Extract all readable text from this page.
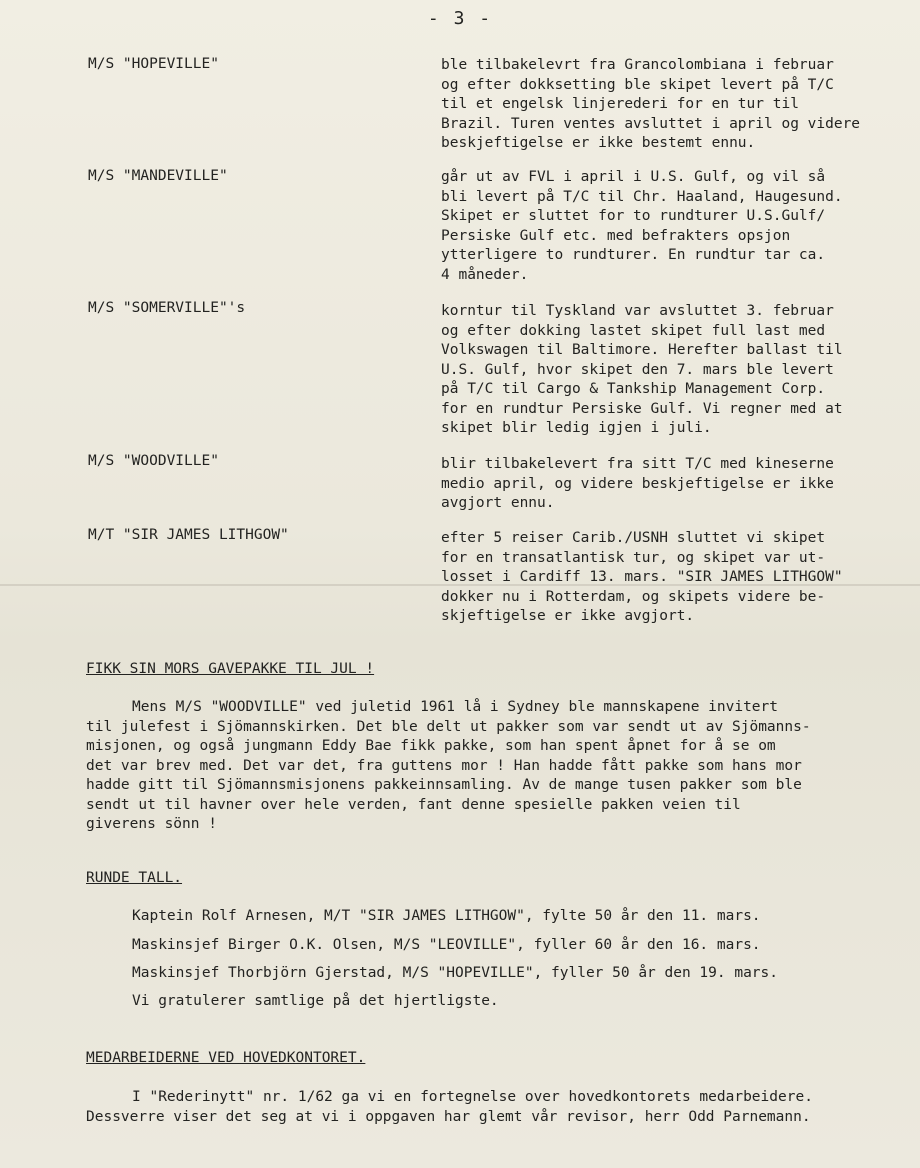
- 3 -
M/S "HOPEVILLE"	ble tilbakelevrt fra Grancolombiana i februar
og efter dokksetting ble skipet levert på T/C
til et engelsk linjerederi for en tur til
Brazil. Turen ventes avsluttet i april og videre
beskjeftigelse er ikke bestemt ennu.
M/S "MANDEVILLE"	går ut av FVL i april i U.S. Gulf, og vil så
bli levert på T/C til Chr. Haaland, Haugesund.
Skipet er sluttet for to rundturer U.S.Gulf/
Persiske Gulf etc. med befrakters opsjon
ytterligere to rundturer. En rundtur tar ca.
4 måneder.
M/S "SOMERVILLE"'s	korntur til Tyskland var avsluttet 3. februar
og efter dokking lastet skipet full last med
Volkswagen til Baltimore. Herefter ballast til
U.S. Gulf, hvor skipet den 7. mars ble levert
på T/C til Cargo & Tankship Management Corp.
for en rundtur Persiske Gulf. Vi regner med at
skipet blir ledig igjen i juli.
M/S "WOODVILLE"	blir tilbakelevert fra sitt T/C med kineserne
medio april, og videre beskjeftigelse er ikke
avgjort ennu.
M/T "SIR JAMES LITHGOW"	efter 5 reiser Carib./USNH sluttet vi skipet
for en transatlantisk tur, og skipet var ut-
losset i Cardiff 13. mars. "SIR JAMES LITHGOW"
dokker nu i Rotterdam, og skipets videre be-
skjeftigelse er ikke avgjort.
FIKK SIN MORS GAVEPAKKE TIL JUL !
Mens M/S "WOODVILLE" ved juletid 1961 lå i Sydney ble mannskapene invitert
til julefest i Sjömannskirken. Det ble delt ut pakker som var sendt ut av Sjömanns-
misjonen, og også jungmann Eddy Bae fikk pakke, som han spent åpnet for å se om
det var brev med. Det var det, fra guttens mor ! Han hadde fått pakke som hans mor
hadde gitt til Sjömannsmisjonens pakkeinnsamling. Av de mange tusen pakker som ble
sendt ut til havner over hele verden, fant denne spesielle pakken veien til
giverens sönn !
RUNDE TALL.
Kaptein Rolf Arnesen, M/T "SIR JAMES LITHGOW", fylte 50 år den 11. mars.
Maskinsjef Birger O.K. Olsen, M/S "LEOVILLE", fyller 60 år den 16. mars.
Maskinsjef Thorbjörn Gjerstad, M/S "HOPEVILLE", fyller 50 år den 19. mars.
Vi gratulerer samtlige på det hjertligste.
MEDARBEIDERNE VED HOVEDKONTORET.
I "Rederinytt" nr. 1/62 ga vi en fortegnelse over hovedkontorets medarbeidere.
Dessverre viser det seg at vi i oppgaven har glemt vår revisor, herr Odd Parnemann.
